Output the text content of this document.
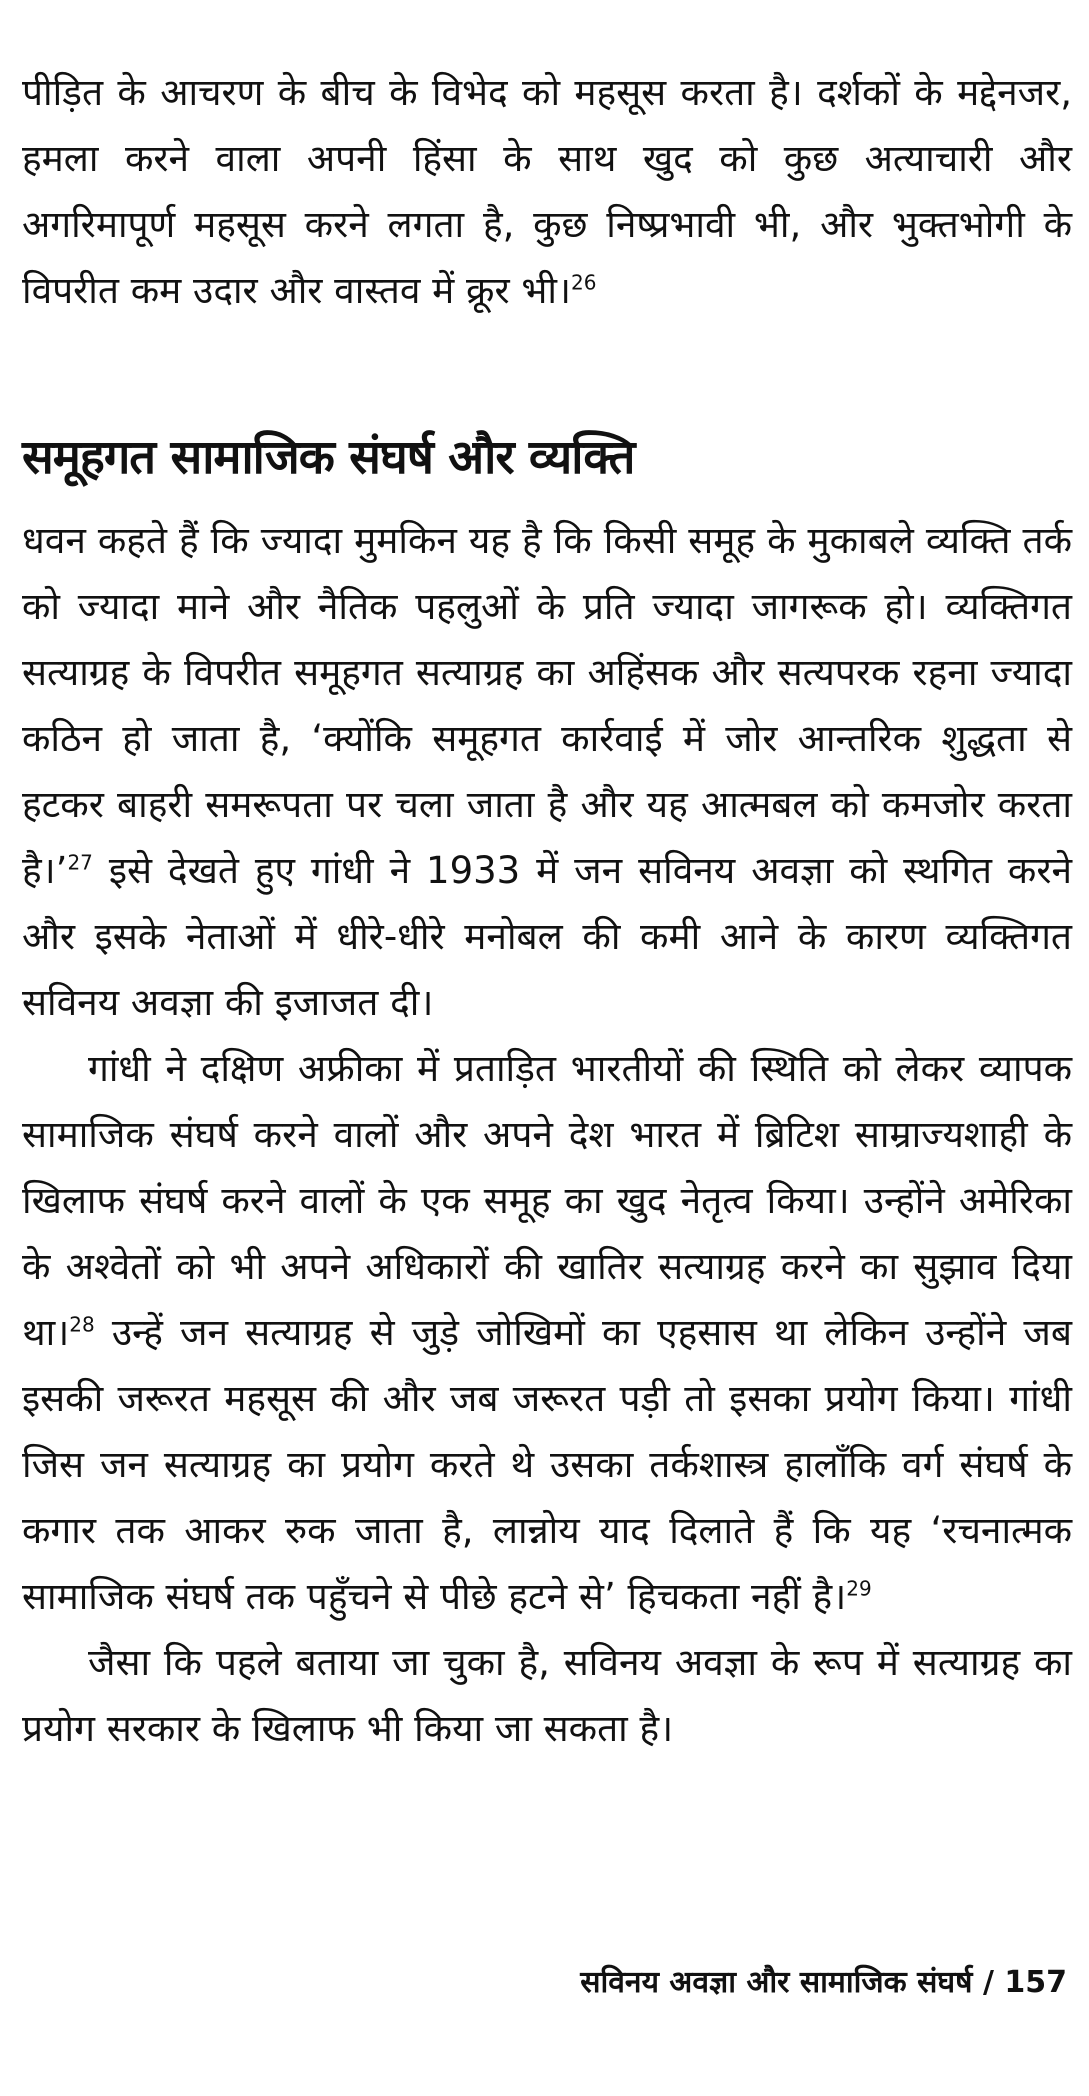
पीड़ित के आचरण के बीच के विभेद को महसूस करता है। दर्शकों के मद्देनजर, हमला करने वाला अपनी हिंसा के साथ खुद को कुछ अत्याचारी और अगरिमापूर्ण महसूस करने लगता है, कुछ निष्प्रभावी भी, और भुक्तभोगी के विपरीत कम उदार और वास्तव में क्रूर भी।$^{26}$

समूहगत सामाजिक संघर्ष और व्यक्ति

धवन कहते हैं कि ज्यादा मुमकिन यह है कि किसी समूह के मुकाबले व्यक्ति तर्क को ज्यादा माने और नैतिक पहलुओं के प्रति ज्यादा जागरूक हो। व्यक्तिगत सत्याग्रह के विपरीत समूहगत सत्याग्रह का अहिंसक और सत्यपरक रहना ज्यादा कठिन हो जाता है, ‘क्योंकि समूहगत कार्रवाई में जोर आन्तरिक शुद्धता से हटकर बाहरी समरूपता पर चला जाता है और यह आत्मबल को कमजोर करता है।’$^{27}$ इसे देखते हुए गांधी ने 1933 में जन सविनय अवज्ञा को स्थगित करने और इसके नेताओं में धीरे-धीरे मनोबल की कमी आने के कारण व्यक्तिगत सविनय अवज्ञा की इजाजत दी।

गांधी ने दक्षिण अफ्रीका में प्रताड़ित भारतीयों की स्थिति को लेकर व्यापक सामाजिक संघर्ष करने वालों और अपने देश भारत में ब्रिटिश साम्राज्यशाही के खिलाफ संघर्ष करने वालों के एक समूह का खुद नेतृत्व किया। उन्होंने अमेरिका के अश्वेतों को भी अपने अधिकारों की खातिर सत्याग्रह करने का सुझाव दिया था।$^{28}$ उन्हें जन सत्याग्रह से जुड़े जोखिमों का एहसास था लेकिन उन्होंने जब इसकी जरूरत महसूस की और जब जरूरत पड़ी तो इसका प्रयोग किया। गांधी जिस जन सत्याग्रह का प्रयोग करते थे उसका तर्कशास्त्र हालाँकि वर्ग संघर्ष के कगार तक आकर रुक जाता है, लान्नोय याद दिलाते हैं कि यह ‘रचनात्मक सामाजिक संघर्ष तक पहुँचने से पीछे हटने से’ हिचकता नहीं है।$^{29}$

जैसा कि पहले बताया जा चुका है, सविनय अवज्ञा के रूप में सत्याग्रह का प्रयोग सरकार के खिलाफ भी किया जा सकता है।

सविनय अवज्ञा और सामाजिक संघर्ष / 157
